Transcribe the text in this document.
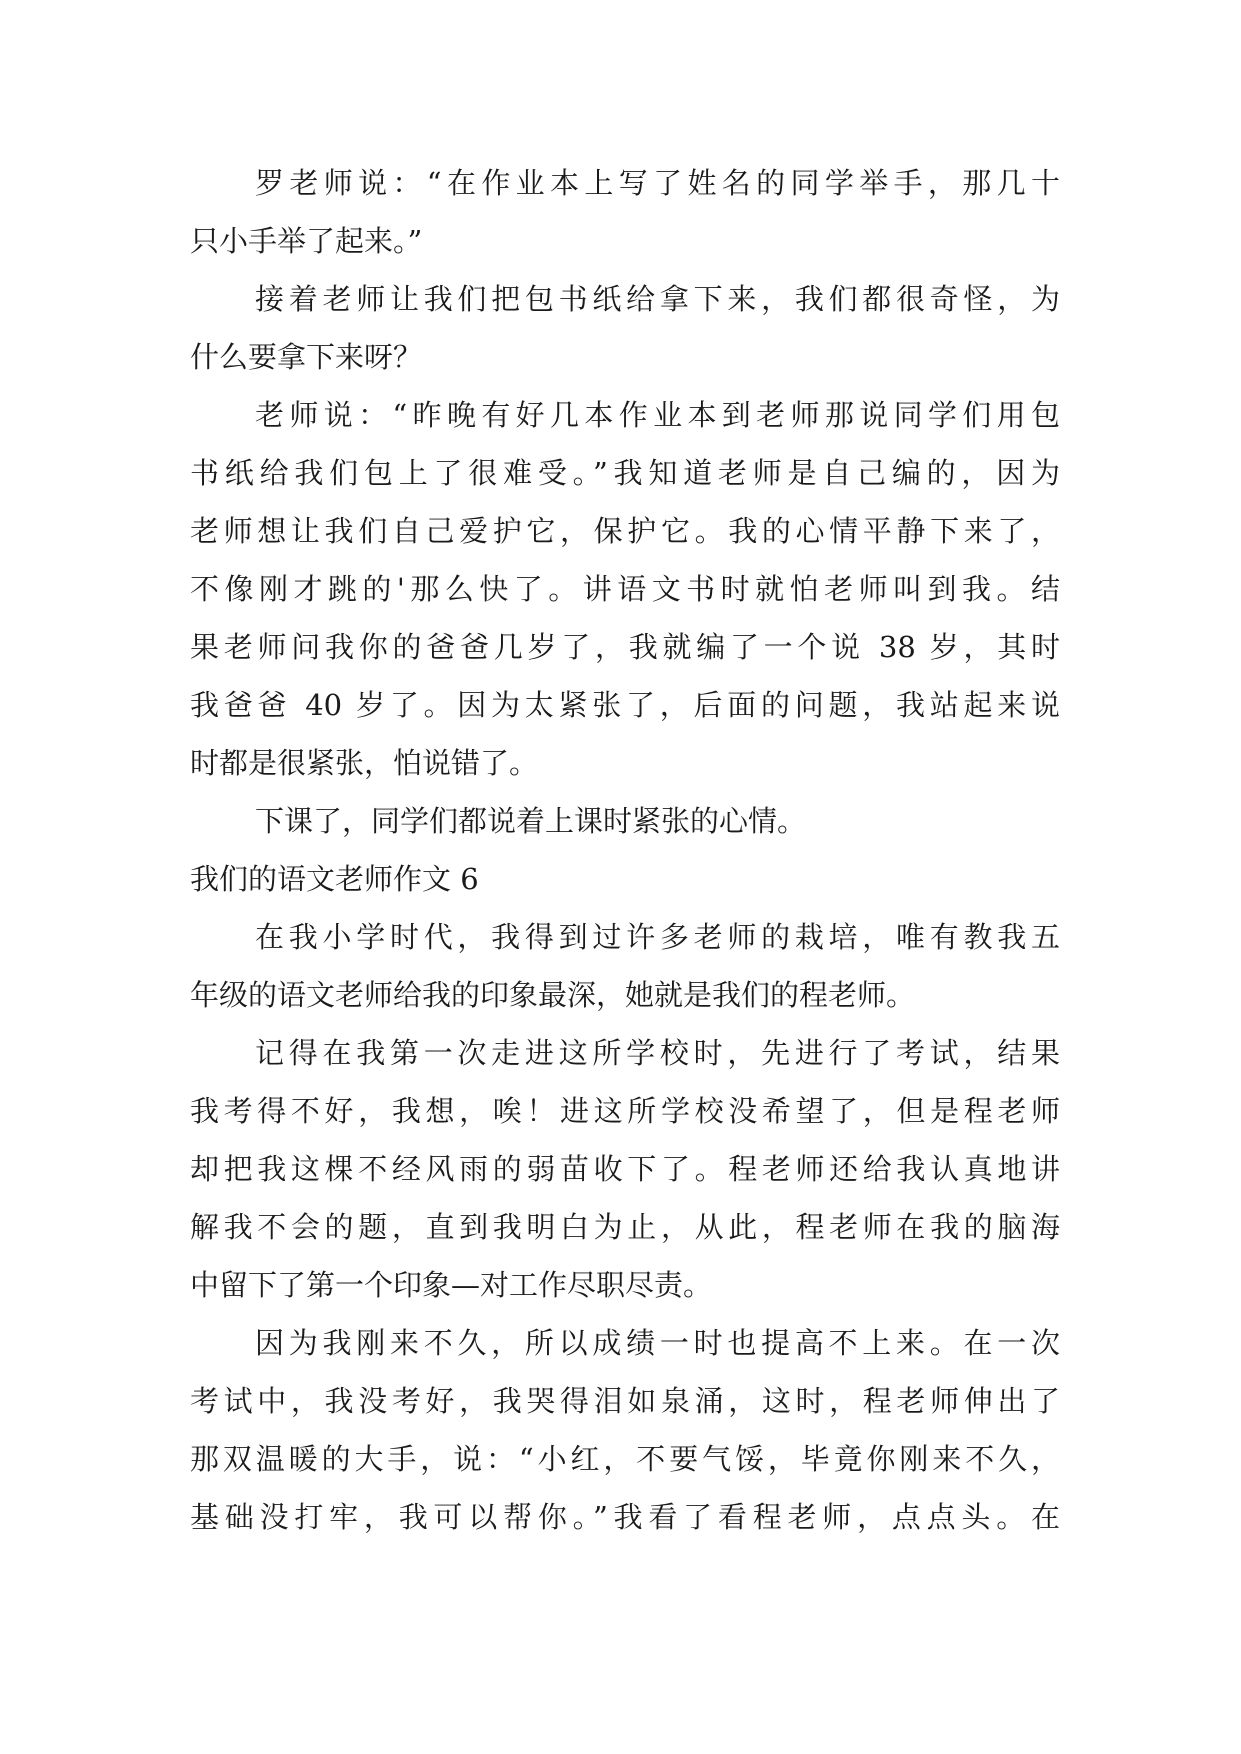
罗老师说：“在作业本上写了姓名的同学举手，那几十
只小手举了起来。”
接着老师让我们把包书纸给拿下来，我们都很奇怪，为
什么要拿下来呀？
老师说：“昨晚有好几本作业本到老师那说同学们用包
书纸给我们包上了很难受。”我知道老师是自己编的，因为
老师想让我们自己爱护它，保护它。我的心情平静下来了，
不像刚才跳的'那么快了。讲语文书时就怕老师叫到我。结
果老师问我你的爸爸几岁了，我就编了一个说 38 岁，其时
我爸爸 40 岁了。因为太紧张了，后面的问题，我站起来说
时都是很紧张，怕说错了。
下课了，同学们都说着上课时紧张的心情。
我们的语文老师作文 6
在我小学时代，我得到过许多老师的栽培，唯有教我五
年级的语文老师给我的印象最深，她就是我们的程老师。
记得在我第一次走进这所学校时，先进行了考试，结果
我考得不好，我想，唉！进这所学校没希望了，但是程老师
却把我这棵不经风雨的弱苗收下了。程老师还给我认真地讲
解我不会的题，直到我明白为止，从此，程老师在我的脑海
中留下了第一个印象—对工作尽职尽责。
因为我刚来不久，所以成绩一时也提高不上来。在一次
考试中，我没考好，我哭得泪如泉涌，这时，程老师伸出了
那双温暖的大手，说：“小红，不要气馁，毕竟你刚来不久，
基础没打牢，我可以帮你。”我看了看程老师，点点头。在
